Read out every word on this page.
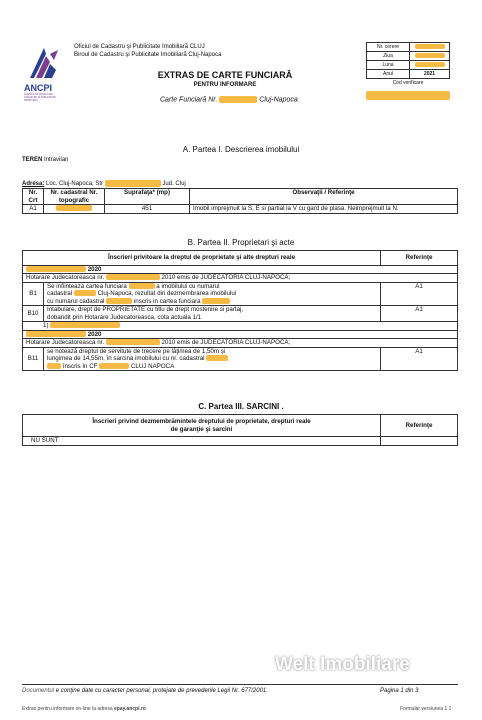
ANCPI
AGENŢIA NAŢIONALĂ DE CADASTRU ŞI PUBLICITATE IMOBILIARĂ
Oficiul de Cadastru şi Publicitate Imobiliară CLUJ
Biroul de Cadastru şi Publicitate Imobiliară Cluj-Napoca
EXTRAS DE CARTE FUNCIARĂ
PENTRU INFORMARE
Carte Funciară Nr.	Cluj-Napoca
Nr. cerere	
Ziua	
Luna	
Anul	2021
Cod verificare
A. Partea I. Descrierea imobilului
TEREN Intravilan
Adresa: Loc. Cluj-Napoca, Str	Jud. Cluj
Nr. Crt	Nr. cadastral Nr. topografic	Suprafaţa* (mp)	Observaţii / Referinţe
A1		451	Imobil imprejmuit la S, E si partial la V cu gard de plasa. Neimprejmuit la N.
B. Partea II. Proprietari şi acte
Înscrieri privitoare la dreptul de proprietate şi alte drepturi reale		Referinţe
2020		
Hotarare Judecatoreasca nr. 2010 emis de JUDECATORIA CLUJ-NAPOCA;		
B1	Se infiinteaza cartea funciara a imobilului cu numarul
cadastral Cluj-Napoca, rezultat din dezmembrarea imobilului
cu numarul cadastral inscris in cartea funciara	A1
B10	Intabulare, drept de PROPRIETATE cu titlu de drept mostenire si partaj,
dobandit prin Hotarare Judecatoreasca, cota actuala 1/1	A1
1)		
2020		
Hotarare Judecatoreasca nr. 2010 emis de JUDECATORIA CLUJ-NAPOCA;		
B11	se notează dreptul de servitute de trecere pe lăţimea de 1,50m şi
lungimea de 14,55m, în sarcina imobilului cu nr. cadastral
înscris în CF CLUJ NAPOCA	A1
C. Partea III. SARCINI .
Înscrieri privind dezmembrămintele dreptului de proprietate, drepturi reale
de garanţie şi sarcini	Referinţe
NU SUNT	
Welt Imobiliare
Documentul e conţine date cu caracter personal, protejate de prevederile Legii Nr. 677/2001.	Pagina 1 din 3
Extras pentru informare on-line la adresa epay.ancpi.ro	Formular versiunea 1.1
